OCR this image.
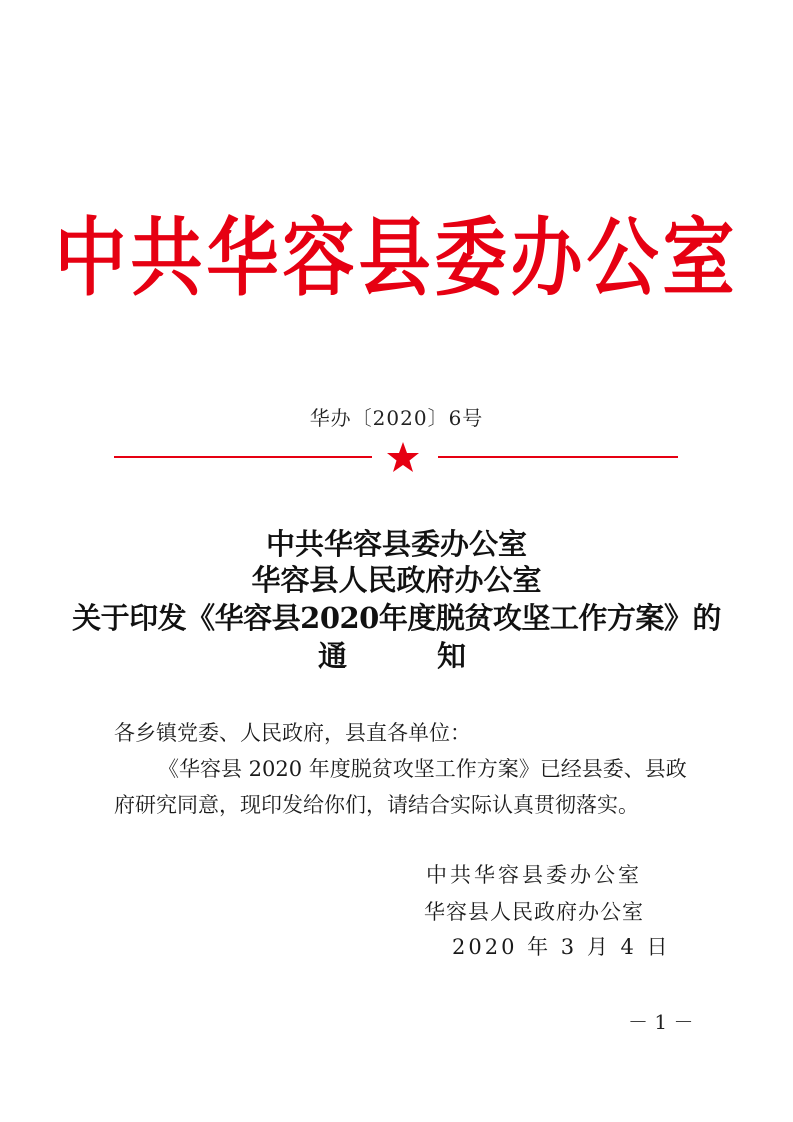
中共华容县委办公室
华办〔2020〕6号
中共华容县委办公室
华容县人民政府办公室
关于印发《华容县2020年度脱贫攻坚工作方案》的
通	知
各乡镇党委、人民政府，县直各单位：
《华容县 2020 年度脱贫攻坚工作方案》已经县委、县政
府研究同意，现印发给你们，请结合实际认真贯彻落实。
中共华容县委办公室
华容县人民政府办公室
2020 年 3 月 4 日
－ 1 －
